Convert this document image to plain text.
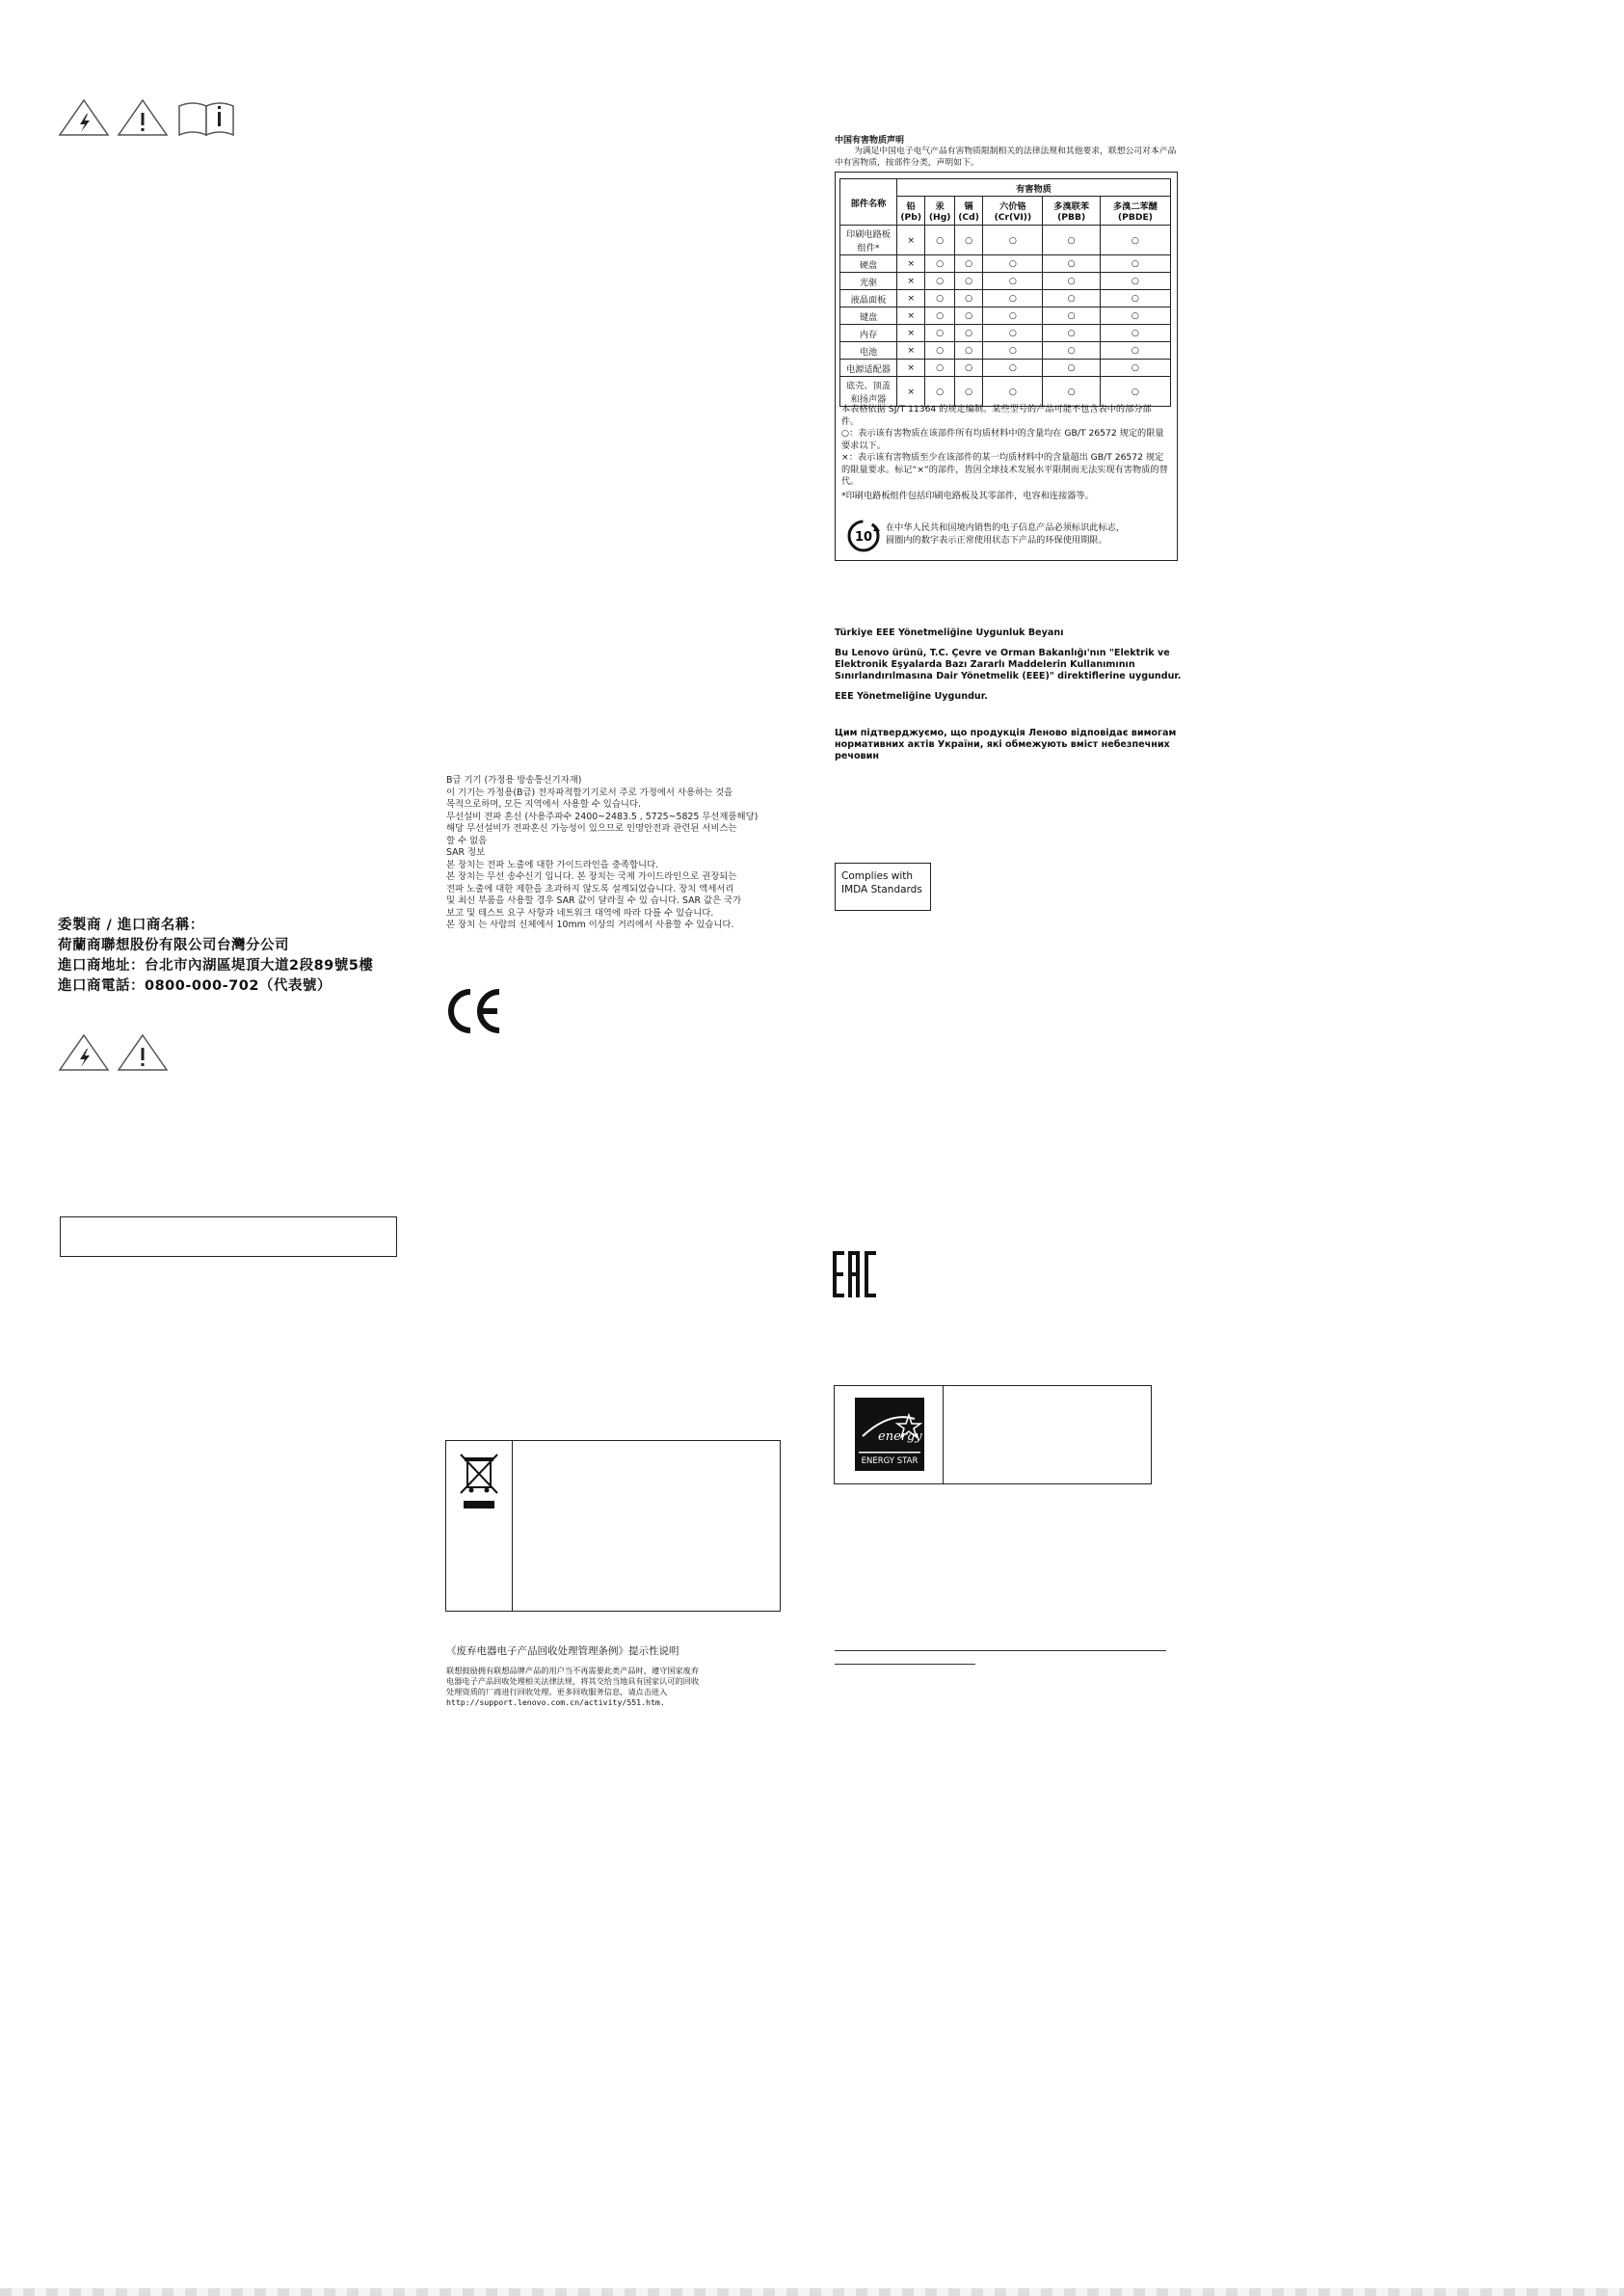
委製商 / 進口商名稱：
荷蘭商聯想股份有限公司台灣分公司
進口商地址：台北市內湖區堤頂大道2段89號5樓
進口商電話：0800-000-702（代表號）
B급 기기 (가정용 방송통신기자재)
이 기기는 가정용(B급) 전자파적합기기로서 주로 가정에서 사용하는 것을
목적으로하며, 모든 지역에서 사용할 수 있습니다.
무선설비 전파 혼신 (사용주파수 2400~2483.5 , 5725~5825 무선제품해당)
해당 무선설비가 전파혼신 가능성이 있으므로 인명안전과 관련된 서비스는
할 수 없음
SAR 정보
본 장치는 전파 노출에 대한 가이드라인을 충족합니다.
본 장치는 무선 송수신기 입니다. 본 장치는 국제 가이드라인으로 권장되는
전파 노출에 대한 제한을 초과하지 않도록 설계되었습니다. 장치 액세서리
및 최신 부품을 사용할 경우 SAR 값이 달라질 수 있 습니다. SAR 값은 국가
보고 및 테스트 요구 사항과 네트워크 대역에 따라 다를 수 있습니다.
본 장치 는 사람의 신체에서 10mm 이상의 거리에서 사용할 수 있습니다.
《废弃电器电子产品回收处理管理条例》提示性说明
联想鼓励拥有联想品牌产品的用户当不再需要此类产品时，遵守国家废弃
电器电子产品回收处理相关法律法规，将其交给当地具有国家认可的回收
处理资质的厂商进行回收处理。更多回收服务信息，请点击进入
http://support.lenovo.com.cn/activity/551.htm.
中国有害物质声明
为满足中国电子电气产品有害物质限制相关的法律法规和其他要求，联想公司对本产品中有害物质，按部件分类，声明如下。
部件名称	有害物质					
	铅(Pb)	汞(Hg)	镉(Cd)	六价铬 (Cr(VI))	多溴联苯 (PBB)	多溴二苯醚 (PBDE)
印刷电路板 组件*	×	○	○	○	○	○
硬盘	×	○	○	○	○	○
光驱	×	○	○	○	○	○
液晶面板	×	○	○	○	○	○
键盘	×	○	○	○	○	○
内存	×	○	○	○	○	○
电池	×	○	○	○	○	○
电源适配器	×	○	○	○	○	○
底壳、顶盖 和扬声器	×	○	○	○	○	○
本表格依据 SJ/T 11364 的规定编制。某些型号的产品可能不包含表中的部分部件。
○：表示该有害物质在该部件所有均质材料中的含量均在 GB/T 26572 规定的限量要求以下。
×：表示该有害物质至少在该部件的某一均质材料中的含量超出 GB/T 26572 规定的限量要求。标记“×”的部件，皆因全球技术发展水平限制而无法实现有害物质的替代。
*印刷电路板组件包括印刷电路板及其零部件，电容和连接器等。
10
在中华人民共和国境内销售的电子信息产品必须标识此标志，
圆圈内的数字表示正常使用状态下产品的环保使用期限。

Türkiye EEE Yönetmeliğine Uygunluk Beyanı

Bu Lenovo ürünü, T.C. Çevre ve Orman Bakanlığı'nın "Elektrik ve Elektronik Eşyalarda Bazı Zararlı Maddelerin Kullanımının Sınırlandırılmasına Dair Yönetmelik (EEE)" direktiflerine uygundur.

EEE Yönetmeliğine Uygundur.

Цим підтверджуємо, що продукція Леново відповідає вимогам нормативних актів України, які обмежують вміст небезпечних речовин

Complies with
IMDA Standards
energy
ENERGY STAR
